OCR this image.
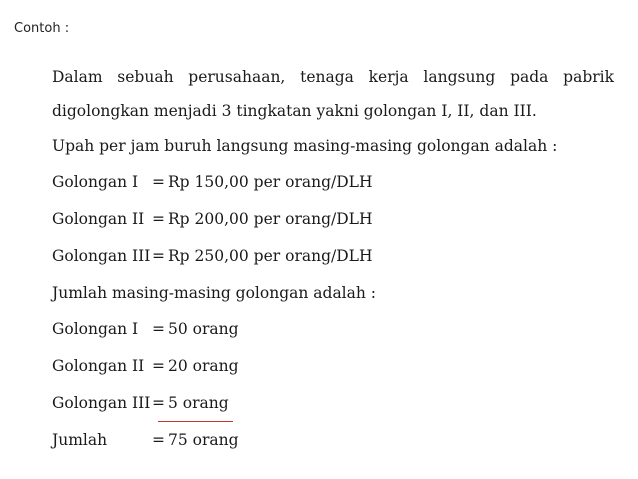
Contoh :

Dalam sebuah perusahaan, tenaga kerja langsung pada pabrik digolongkan menjadi 3 tingkatan yakni golongan I, II, dan III.

Upah per jam buruh langsung masing-masing golongan adalah :
Golongan I = Rp 150,00 per orang/DLH
Golongan II = Rp 200,00 per orang/DLH
Golongan III = Rp 250,00 per orang/DLH
Jumlah masing-masing golongan adalah :
Golongan I = 50 orang
Golongan II = 20 orang
Golongan III = 5 orang
Jumlah	= 75 orang
